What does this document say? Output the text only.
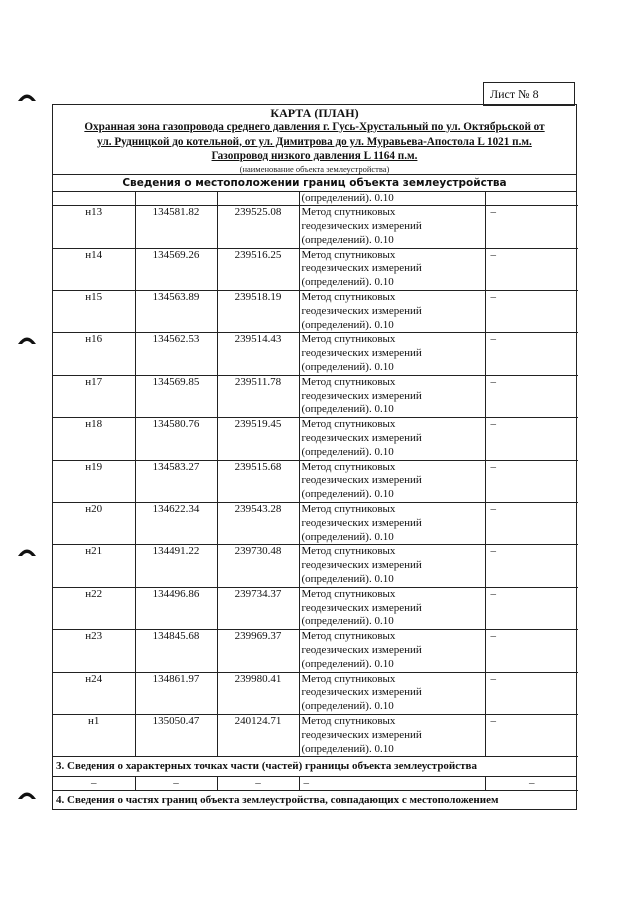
Лист № 8
КАРТА (ПЛАН)
Охранная зона газопровода среднего давления г. Гусь-Хрустальный по ул. Октябрьской от
ул. Рудницкой до котельной, от ул. Димитрова до ул. Муравьева-Апостола L 1021 п.м.
Газопровод низкого давления L 1164 п.м.
(наименование объекта землеустройства)
Сведения о местоположении границ объекта землеустройства
			(определений). 0.10	
н13	134581.82	239525.08	Метод спутниковых
геодезических измерений
(определений). 0.10	–
н14	134569.26	239516.25	Метод спутниковых
геодезических измерений
(определений). 0.10	–
н15	134563.89	239518.19	Метод спутниковых
геодезических измерений
(определений). 0.10	–
н16	134562.53	239514.43	Метод спутниковых
геодезических измерений
(определений). 0.10	–
н17	134569.85	239511.78	Метод спутниковых
геодезических измерений
(определений). 0.10	–
н18	134580.76	239519.45	Метод спутниковых
геодезических измерений
(определений). 0.10	–
н19	134583.27	239515.68	Метод спутниковых
геодезических измерений
(определений). 0.10	–
н20	134622.34	239543.28	Метод спутниковых
геодезических измерений
(определений). 0.10	–
н21	134491.22	239730.48	Метод спутниковых
геодезических измерений
(определений). 0.10	–
н22	134496.86	239734.37	Метод спутниковых
геодезических измерений
(определений). 0.10	–
н23	134845.68	239969.37	Метод спутниковых
геодезических измерений
(определений). 0.10	–
н24	134861.97	239980.41	Метод спутниковых
геодезических измерений
(определений). 0.10	–
н1	135050.47	240124.71	Метод спутниковых
геодезических измерений
(определений). 0.10	–
3. Сведения о характерных точках части (частей) границы объекта землеустройства
–	–	–	–	–
4. Сведения о частях границ объекта землеустройства, совпадающих с местоположением
